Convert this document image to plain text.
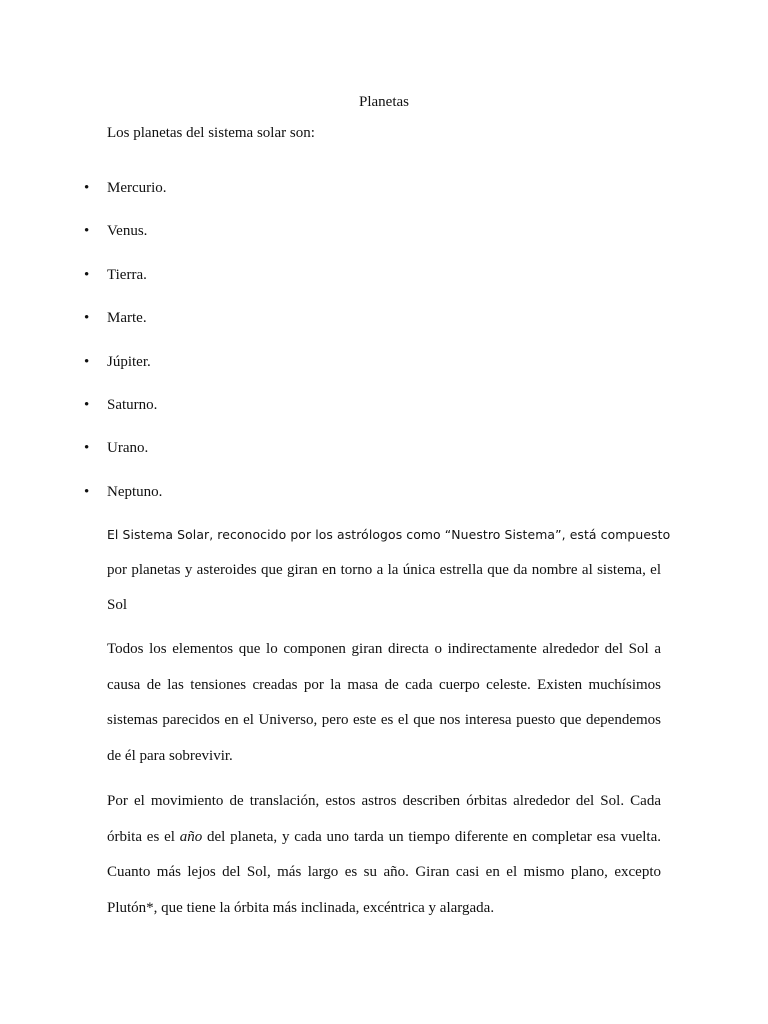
Planetas
Los planetas del sistema solar son:
• Mercurio.
• Venus.
• Tierra.
• Marte.
• Júpiter.
• Saturno.
• Urano.
• Neptuno.
El Sistema Solar, reconocido por los astrólogos como “Nuestro Sistema”, está compuesto
por planetas y asteroides que giran en torno a la única estrella que da nombre al sistema, el
Sol
Todos los elementos que lo componen giran directa o indirectamente alrededor del Sol a
causa de las tensiones creadas por la masa de cada cuerpo celeste. Existen muchísimos
sistemas parecidos en el Universo, pero este es el que nos interesa puesto que dependemos
de él para sobrevivir.
Por el movimiento de translación, estos astros describen órbitas alrededor del Sol. Cada
órbita es el año del planeta, y cada uno tarda un tiempo diferente en completar esa vuelta.
Cuanto más lejos del Sol, más largo es su año. Giran casi en el mismo plano, excepto
Plutón*, que tiene la órbita más inclinada, excéntrica y alargada.
